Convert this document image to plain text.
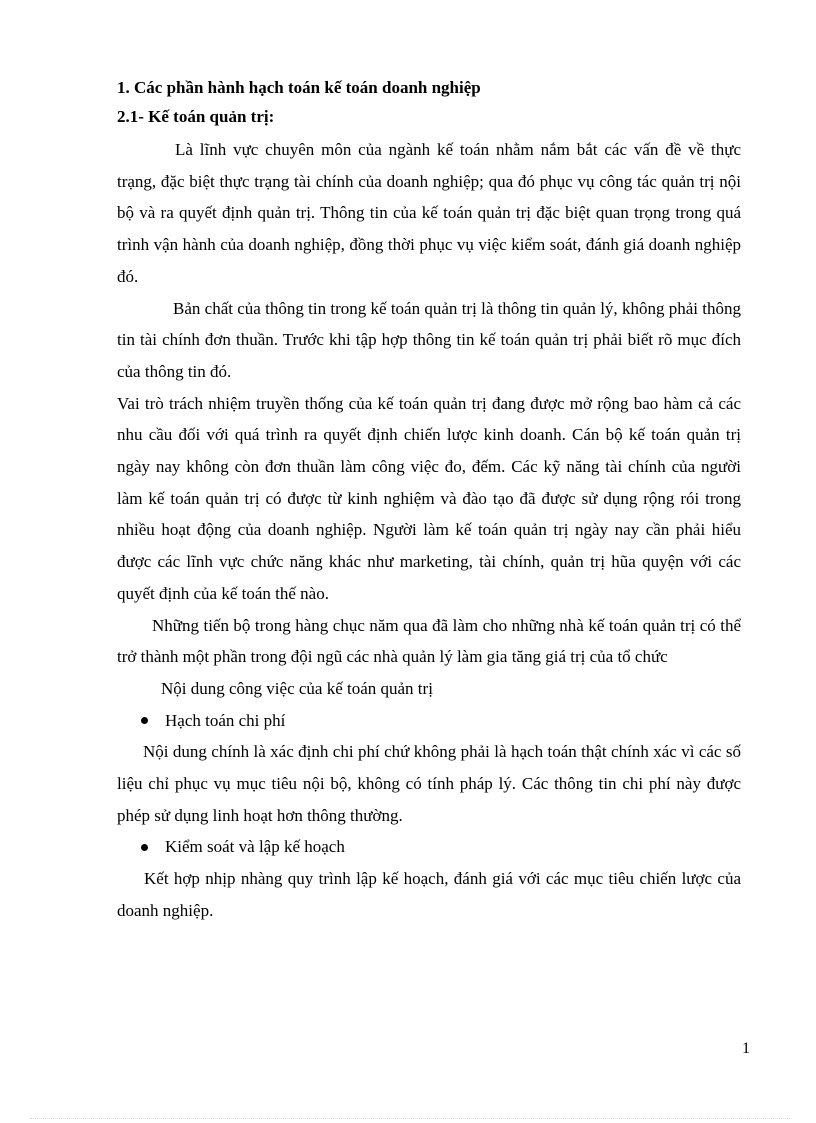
1. Các phần hành hạch toán kế toán doanh nghiệp

2.1- Kế toán quản trị:

Là lĩnh vực chuyên môn của ngành kế toán nhằm nắm bắt các vấn đề về thực trạng, đặc biệt thực trạng tài chính của doanh nghiệp; qua đó phục vụ công tác quản trị nội bộ và ra quyết định quản trị. Thông tin của kế toán quản trị đặc biệt quan trọng trong quá trình vận hành của doanh nghiệp, đồng thời phục vụ việc kiểm soát, đánh giá doanh nghiệp đó.

Bản chất của thông tin trong kế toán quản trị là thông tin quản lý, không phải thông tin tài chính đơn thuần. Trước khi tập hợp thông tin kế toán quản trị phải biết rõ mục đích của thông tin đó.

Vai trò trách nhiệm truyền thống của kế toán quản trị đang được mở rộng bao hàm cả các nhu cầu đối với quá trình ra quyết định chiến lược kinh doanh. Cán bộ kế toán quản trị ngày nay không còn đơn thuần làm công việc đo, đếm. Các kỹ năng tài chính của người làm kế toán quản trị có được từ kinh nghiệm và đào tạo đã được sử dụng rộng rói trong nhiều hoạt động của doanh nghiệp. Người làm kế toán quản trị ngày nay cần phải hiểu được các lĩnh vực chức năng khác như marketing, tài chính, quản trị hũa quyện với các quyết định của kế toán thế nào.

Những tiến bộ trong hàng chục năm qua đã làm cho những nhà kế toán quản trị có thể trở thành một phần trong đội ngũ các nhà quản lý làm gia tăng giá trị của tổ chức

Nội dung công việc của kế toán quản trị

Hạch toán chi phí

Nội dung chính là xác định chi phí chứ không phải là hạch toán thật chính xác vì các số liệu chỉ phục vụ mục tiêu nội bộ, không có tính pháp lý. Các thông tin chi phí này được phép sử dụng linh hoạt hơn thông thường.

Kiểm soát và lập kế hoạch

Kết hợp nhịp nhàng quy trình lập kế hoạch, đánh giá với các mục tiêu chiến lược của doanh nghiệp.

1
